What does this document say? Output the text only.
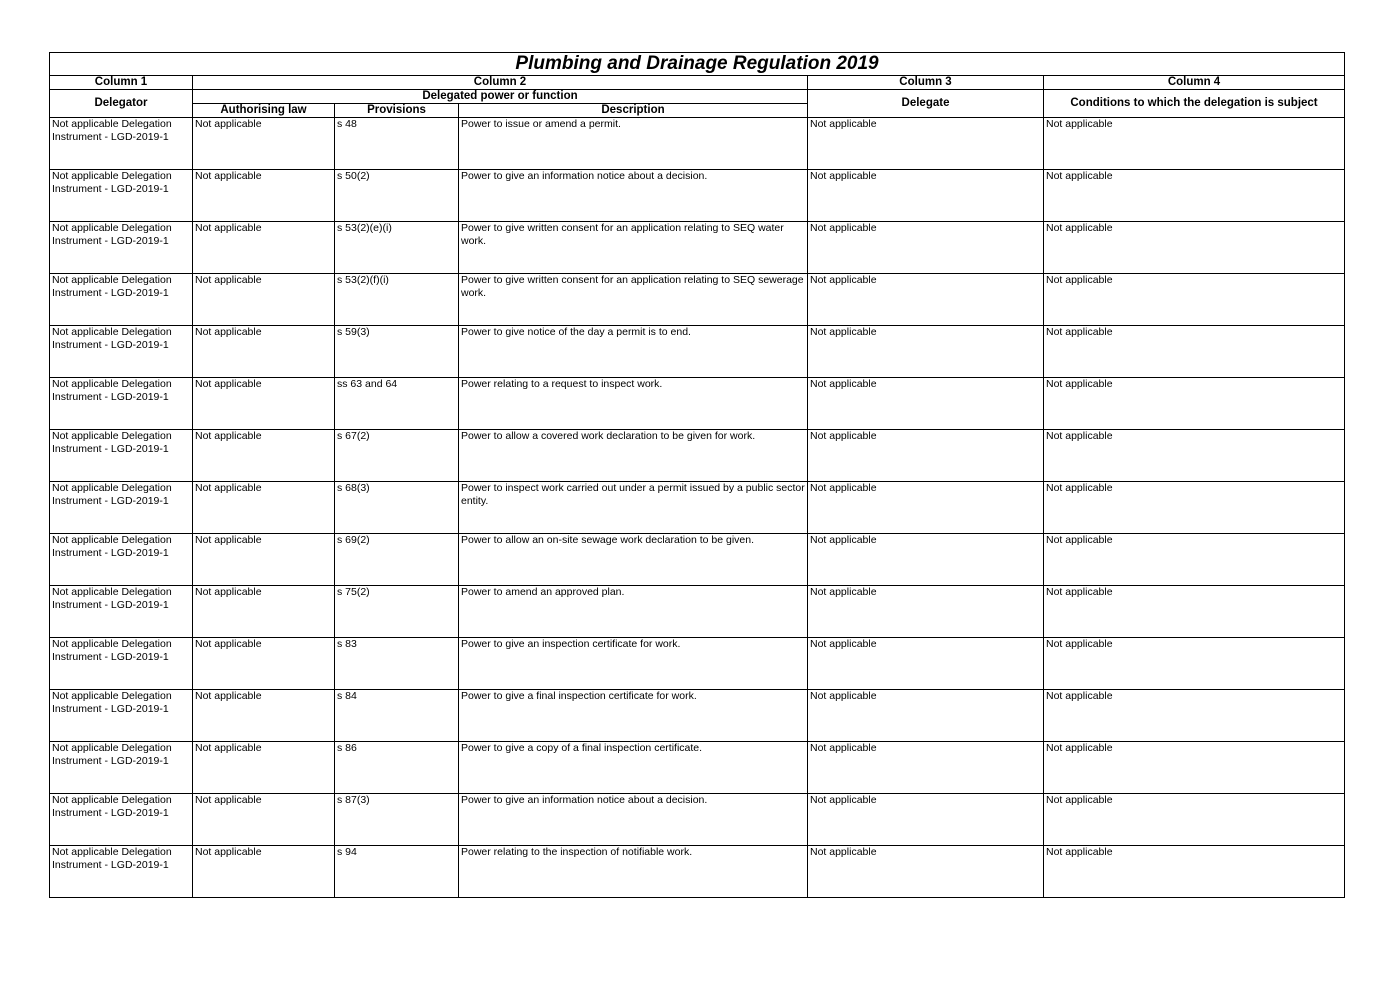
Plumbing and Drainage Regulation 2019					
Column 1	Column 2			Column 3	Column 4
Delegator	Delegated power or function			Delegate	Conditions to which the delegation is subject
	Authorising law	Provisions	Description		
Not applicable Delegation Instrument - LGD-2019-1	Not applicable	s 48	Power to issue or amend a permit.	Not applicable	Not applicable
Not applicable Delegation Instrument - LGD-2019-1	Not applicable	s 50(2)	Power to give an information notice about a decision.	Not applicable	Not applicable
Not applicable Delegation Instrument - LGD-2019-1	Not applicable	s 53(2)(e)(i)	Power to give written consent for an application relating to SEQ water work.	Not applicable	Not applicable
Not applicable Delegation Instrument - LGD-2019-1	Not applicable	s 53(2)(f)(i)	Power to give written consent for an application relating to SEQ sewerage work.	Not applicable	Not applicable
Not applicable Delegation Instrument - LGD-2019-1	Not applicable	s 59(3)	Power to give notice of the day a permit is to end.	Not applicable	Not applicable
Not applicable Delegation Instrument - LGD-2019-1	Not applicable	ss 63 and 64	Power relating to a request to inspect work.	Not applicable	Not applicable
Not applicable Delegation Instrument - LGD-2019-1	Not applicable	s 67(2)	Power to allow a covered work declaration to be given for work.	Not applicable	Not applicable
Not applicable Delegation Instrument - LGD-2019-1	Not applicable	s 68(3)	Power to inspect work carried out under a permit issued by a public sector entity.	Not applicable	Not applicable
Not applicable Delegation Instrument - LGD-2019-1	Not applicable	s 69(2)	Power to allow an on-site sewage work declaration to be given.	Not applicable	Not applicable
Not applicable Delegation Instrument - LGD-2019-1	Not applicable	s 75(2)	Power to amend an approved plan.	Not applicable	Not applicable
Not applicable Delegation Instrument - LGD-2019-1	Not applicable	s 83	Power to give an inspection certificate for work.	Not applicable	Not applicable
Not applicable Delegation Instrument - LGD-2019-1	Not applicable	s 84	Power to give a final inspection certificate for work.	Not applicable	Not applicable
Not applicable Delegation Instrument - LGD-2019-1	Not applicable	s 86	Power to give a copy of a final inspection certificate.	Not applicable	Not applicable
Not applicable Delegation Instrument - LGD-2019-1	Not applicable	s 87(3)	Power to give an information notice about a decision.	Not applicable	Not applicable
Not applicable Delegation Instrument - LGD-2019-1	Not applicable	s 94	Power relating to the inspection of notifiable work.	Not applicable	Not applicable
